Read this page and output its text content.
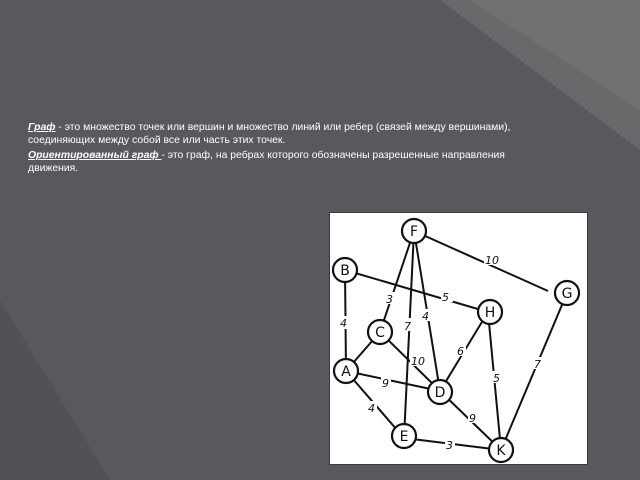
Граф - это множество точек или вершин и множество линий или ребер (связей между вершинами), соединяющих между собой все или часть этих точек.

Ориентированный граф - это граф, на ребрах которого обозначены разрешенные направления движения.

10
5
3
4
7
4
10
6
9	5
7
4
9
3
F
B
G
H
C
A
D
E
K
